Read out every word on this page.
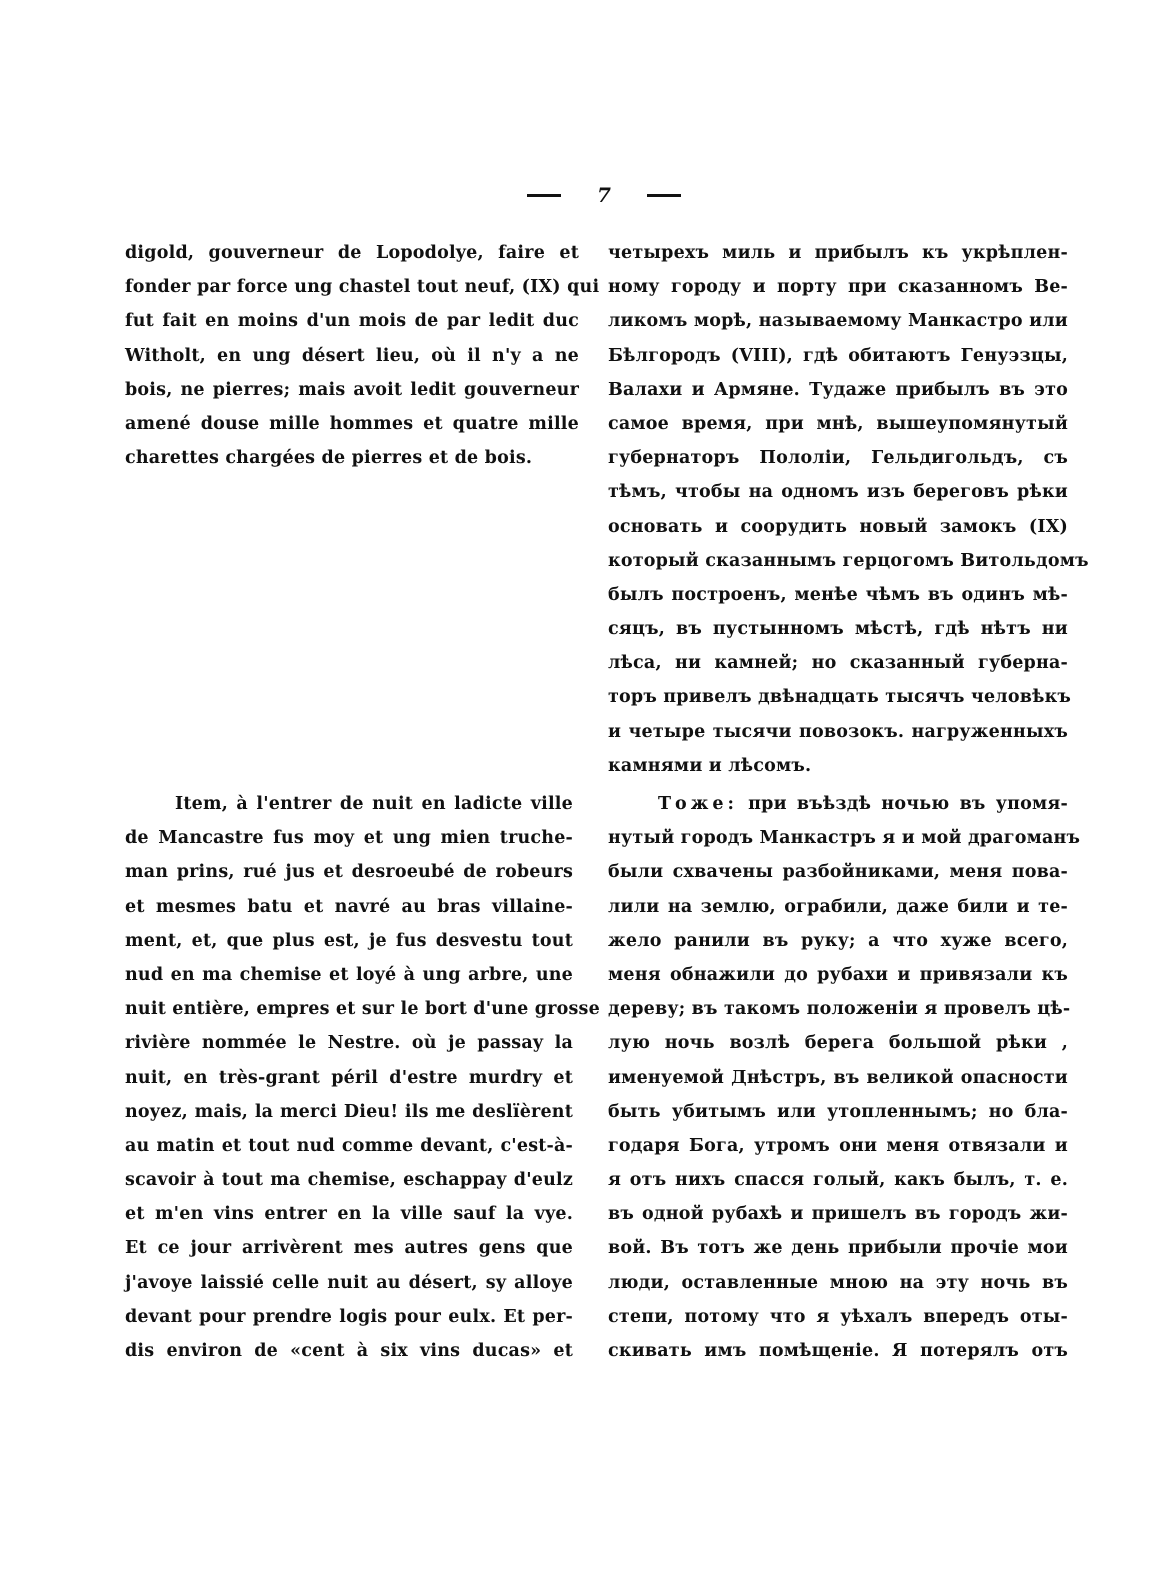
7
digold, gouverneur de Lopodolye, faire et
fonder par force ung chastel tout neuf, (IX) qui
fut fait en moins d'un mois de par ledit duc
Witholt, en ung désert lieu, où il n'y a ne
bois, ne pierres; mais avoit ledit gouverneur
amené douse mille hommes et quatre mille
charettes chargées de pierres et de bois.
Item, à l'entrer de nuit en ladicte ville
de Mancastre fus moy et ung mien truche-
man prins, rué jus et desroeubé de robeurs
et mesmes batu et navré au bras villaine-
ment, et, que plus est, je fus desvestu tout
nud en ma chemise et loyé à ung arbre, une
nuit entière, empres et sur le bort d'une grosse
rivière nommée le Nestre. où je passay la
nuit, en très-grant péril d'estre murdry et
noyez, mais, la merci Dieu! ils me deslïèrent
au matin et tout nud comme devant, c'est-à-
scavoir à tout ma chemise, eschappay d'eulz
et m'en vins entrer en la ville sauf la vye.
Et ce jour arrivèrent mes autres gens que
j'avoye laissié celle nuit au désert, sy alloye
devant pour prendre logis pour eulx. Et per-
dis environ de «cent à six vins ducas» et
четырехъ миль и прибылъ къ укрѣплен-
ному городу и порту при сказанномъ Ве-
ликомъ морѣ, называемому Манкастро или
Бѣлгородъ (VIII), гдѣ обитаютъ Генуэзцы,
Валахи и Армяне. Тудаже прибылъ въ это
самое время, при мнѣ, вышеупомянутый
губернаторъ Пололіи, Гельдигольдъ, съ
тѣмъ, чтобы на одномъ изъ береговъ рѣки
основать и соорудить новый замокъ (IX)
который сказаннымъ герцогомъ Витольдомъ
былъ построенъ, менѣе чѣмъ въ одинъ мѣ-
сяцъ, въ пустынномъ мѣстѣ, гдѣ нѣтъ ни
лѣса, ни камней; но сказанный губерна-
торъ привелъ двѣнадцать тысячъ человѣкъ
и четыре тысячи повозокъ. нагруженныхъ
камнями и лѣсомъ.
Тоже: при въѣздѣ ночью въ упомя-
нутый городъ Манкастръ я и мой драгоманъ
были схвачены разбойниками, меня пова-
лили на землю, ограбили, даже били и те-
жело ранили въ руку; а что хуже всего,
меня обнажили до рубахи и привязали къ
дереву; въ такомъ положеніи я провелъ цѣ-
лую ночь возлѣ берега большой рѣки ,
именуемой Днѣстръ, въ великой опасности
быть убитымъ или утопленнымъ; но бла-
годаря Бога, утромъ они меня отвязали и
я отъ нихъ спасся голый, какъ былъ, т. е.
въ одной рубахѣ и пришелъ въ городъ жи-
вой. Въ тотъ же день прибыли прочіе мои
люди, оставленные мною на эту ночь въ
степи, потому что я уѣхалъ впередъ оты-
скивать имъ помѣщеніе. Я потерялъ отъ
